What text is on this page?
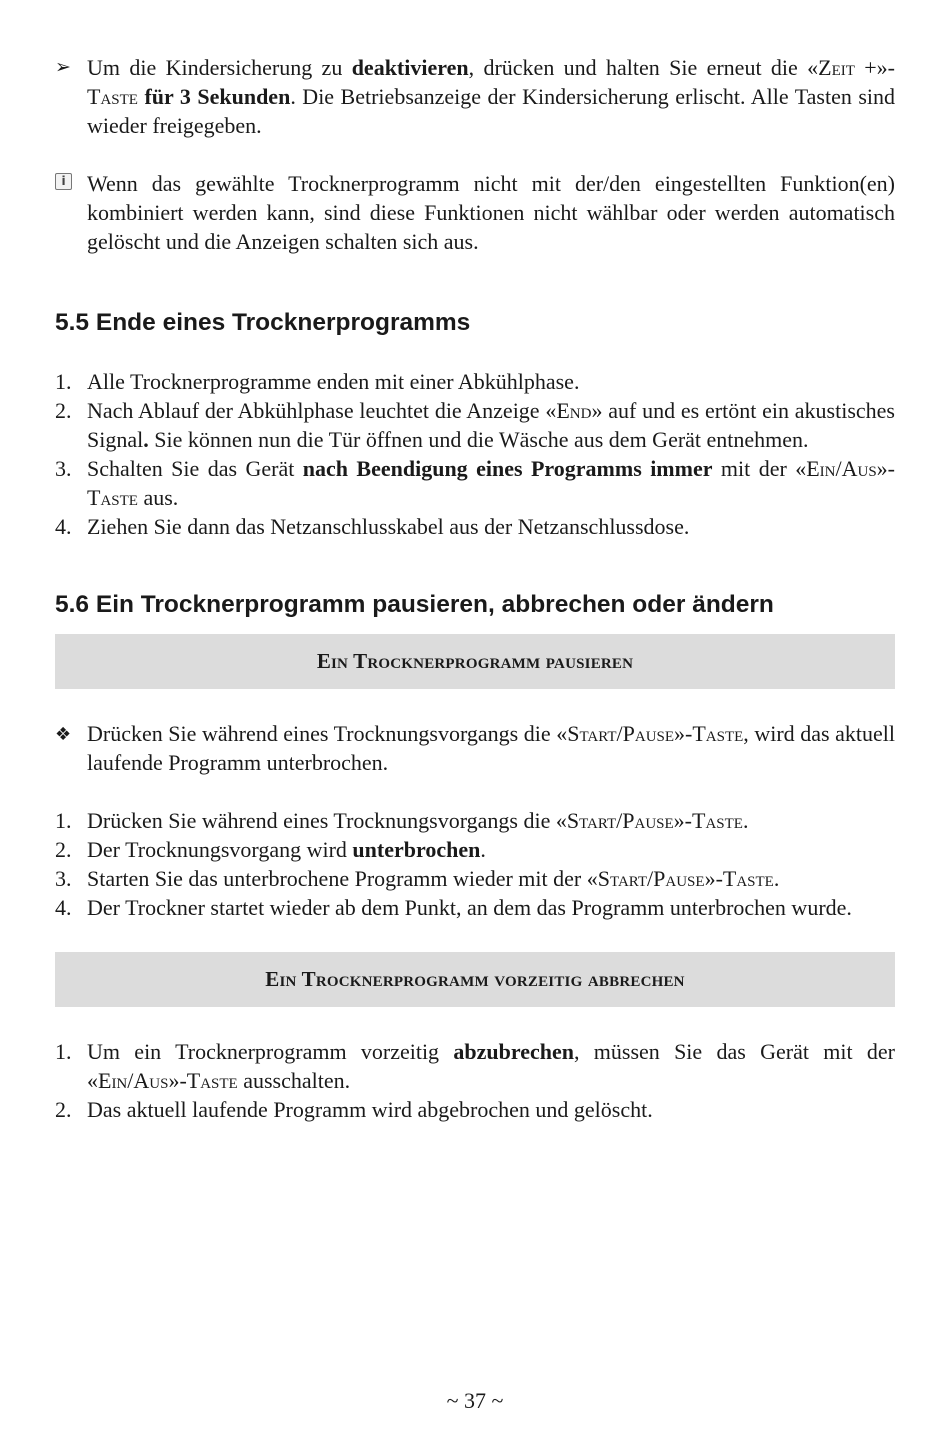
➢ Um die Kindersicherung zu deaktivieren, drücken und halten Sie erneut die «Zeit +»-Taste für 3 Sekunden. Die Betriebsanzeige der Kindersicherung erlischt. Alle Tasten sind wieder freigegeben.
i Wenn das gewählte Trocknerprogramm nicht mit der/den eingestellten Funktion(en) kombiniert werden kann, sind diese Funktionen nicht wählbar oder werden automatisch gelöscht und die Anzeigen schalten sich aus.
5.5 Ende eines Trocknerprogramms
1. Alle Trocknerprogramme enden mit einer Abkühlphase.
2. Nach Ablauf der Abkühlphase leuchtet die Anzeige «End» auf und es ertönt ein akustisches Signal. Sie können nun die Tür öffnen und die Wäsche aus dem Gerät entnehmen.
3. Schalten Sie das Gerät nach Beendigung eines Programms immer mit der «Ein/Aus»-Taste aus.
4. Ziehen Sie dann das Netzanschlusskabel aus der Netzanschlussdose.
5.6 Ein Trocknerprogramm pausieren, abbrechen oder ändern
Ein Trocknerprogramm pausieren
❖ Drücken Sie während eines Trocknungsvorgangs die «Start/Pause»-Taste, wird das aktuell laufende Programm unterbrochen.
1. Drücken Sie während eines Trocknungsvorgangs die «Start/Pause»-Taste.
2. Der Trocknungsvorgang wird unterbrochen.
3. Starten Sie das unterbrochene Programm wieder mit der «Start/Pause»-Taste.
4. Der Trockner startet wieder ab dem Punkt, an dem das Programm unterbrochen wurde.
Ein Trocknerprogramm vorzeitig abbrechen
1. Um ein Trocknerprogramm vorzeitig abzubrechen, müssen Sie das Gerät mit der «Ein/Aus»-Taste ausschalten.
2. Das aktuell laufende Programm wird abgebrochen und gelöscht.
~ 37 ~
